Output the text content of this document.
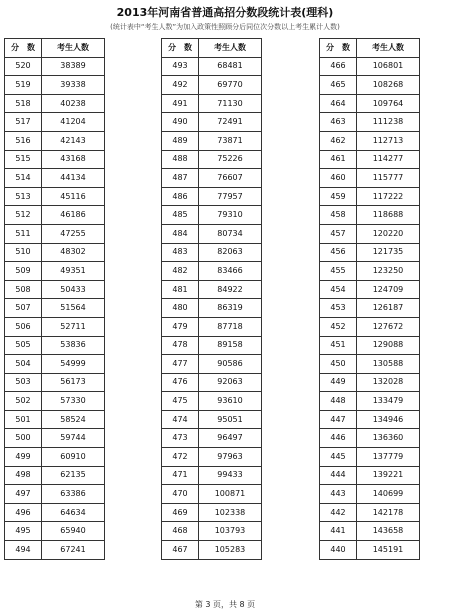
2013年河南省普通高招分数段统计表(理科)
(统计表中“考生人数”为加入政策性照顾分后同位次分数以上考生累计人数)
分　数	考生人数
520	38389
519	39338
518	40238
517	41204
516	42143
515	43168
514	44134
513	45116
512	46186
511	47255
510	48302
509	49351
508	50433
507	51564
506	52711
505	53836
504	54999
503	56173
502	57330
501	58524
500	59744
499	60910
498	62135
497	63386
496	64634
495	65940
494	67241
分　数	考生人数
493	68481
492	69770
491	71130
490	72491
489	73871
488	75226
487	76607
486	77957
485	79310
484	80734
483	82063
482	83466
481	84922
480	86319
479	87718
478	89158
477	90586
476	92063
475	93610
474	95051
473	96497
472	97963
471	99433
470	100871
469	102338
468	103793
467	105283
分　数	考生人数
466	106801
465	108268
464	109764
463	111238
462	112713
461	114277
460	115777
459	117222
458	118688
457	120220
456	121735
455	123250
454	124709
453	126187
452	127672
451	129088
450	130588
449	132028
448	133479
447	134946
446	136360
445	137779
444	139221
443	140699
442	142178
441	143658
440	145191
第 3 页，共 8 页
